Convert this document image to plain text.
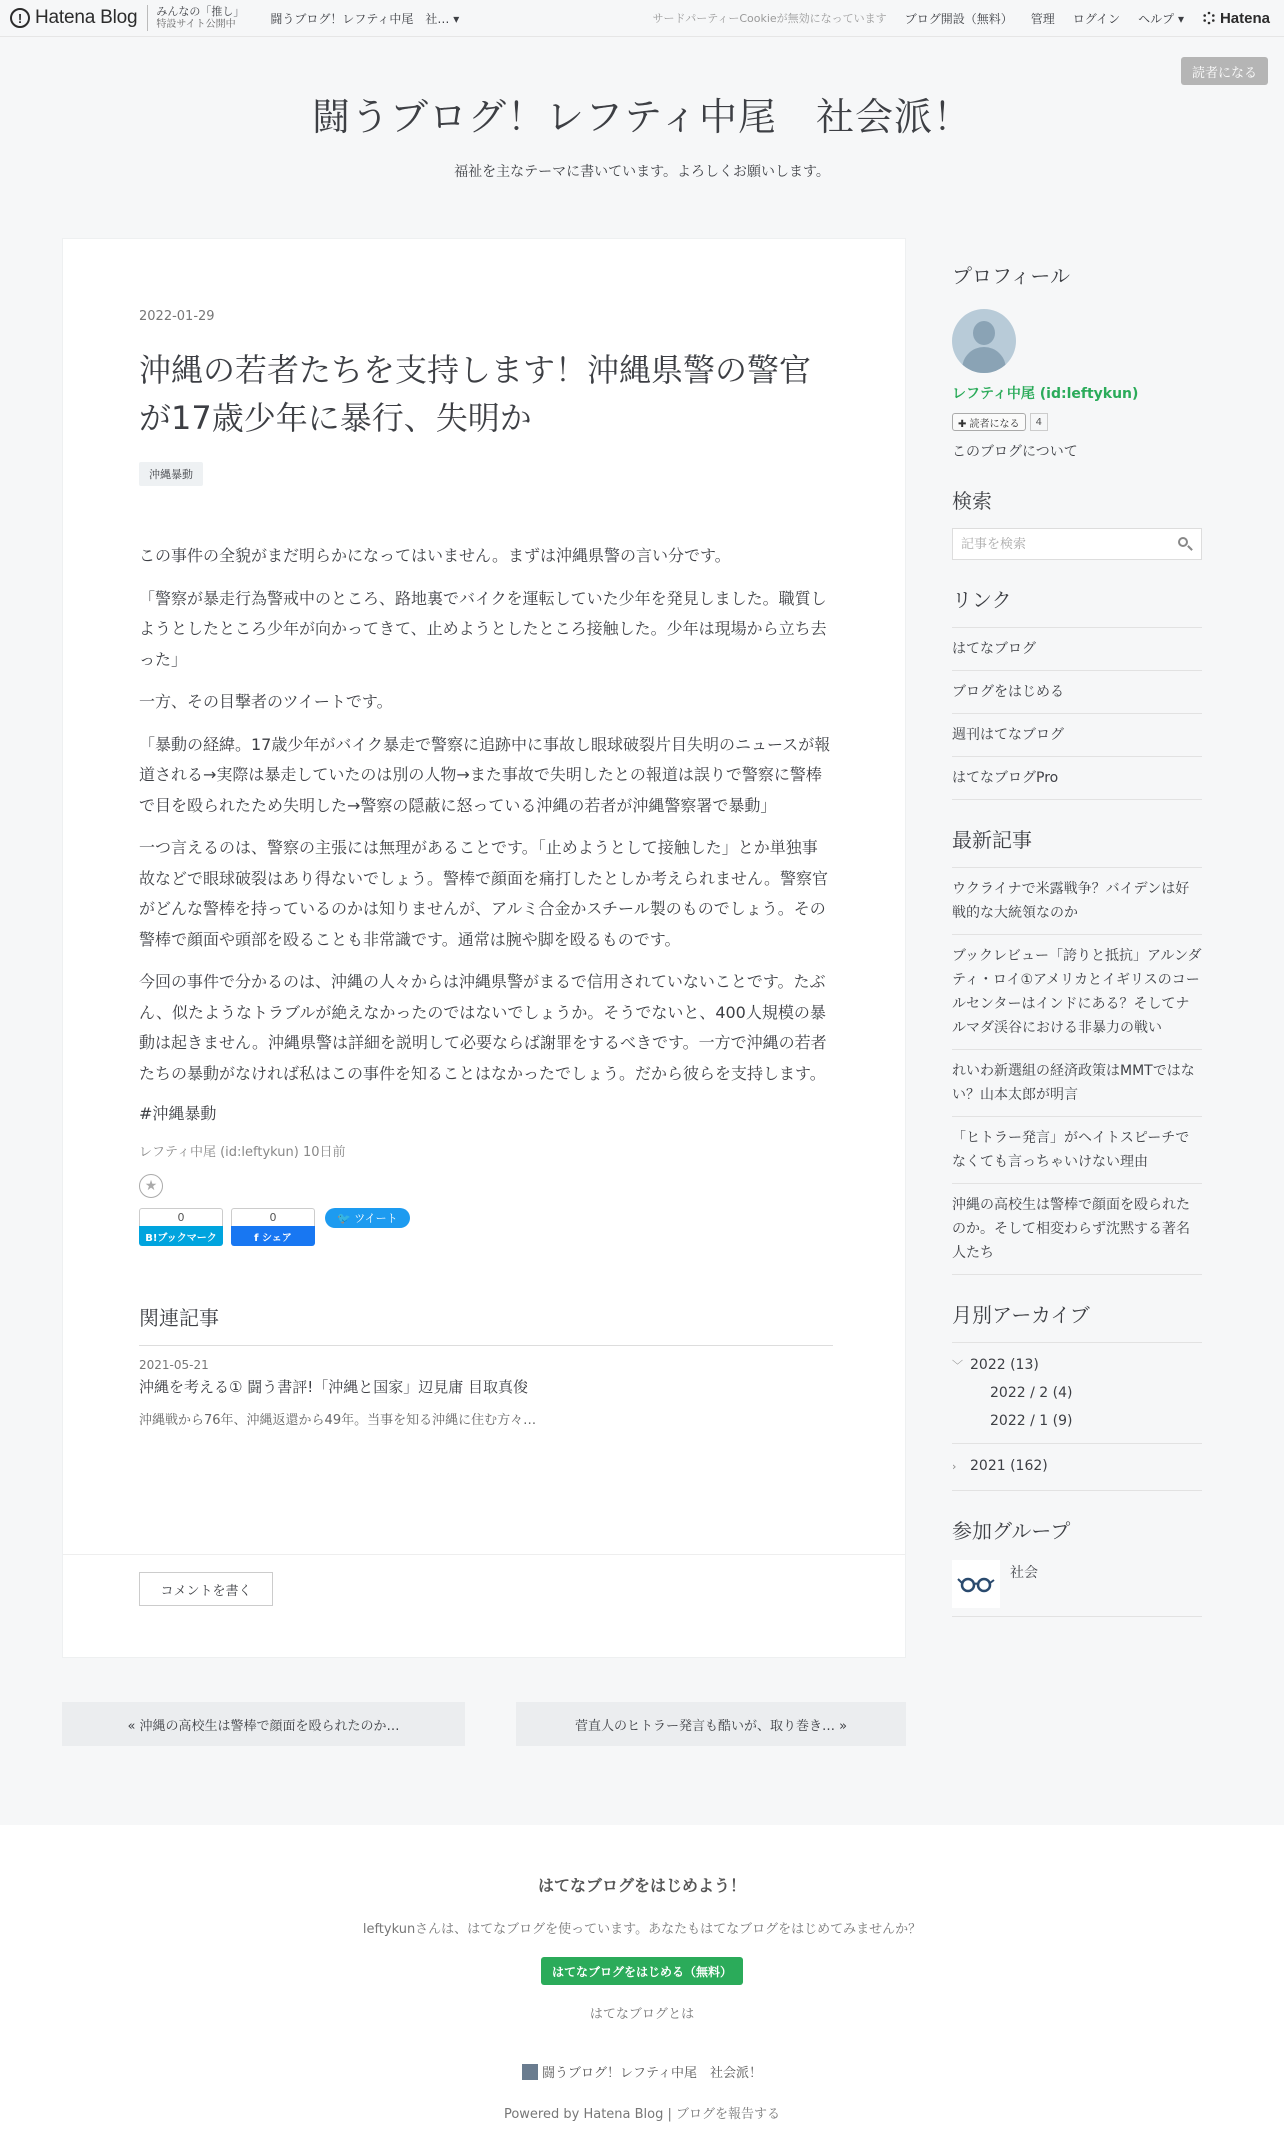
! Hatena Blog みんなの「推し」
特設サイト公開中	闘うブログ！レフティ中尾　社… ▾	サードパーティーCookieが無効になっています ブログ開設（無料） 管理 ログイン ヘルプ ▾ Hatena
読者になる
闘うブログ！レフティ中尾　社会派！
福祉を主なテーマに書いています。よろしくお願いします。
2022-01-29
沖縄の若者たちを支持します！沖縄県警の警官が17歳少年に暴行、失明か
沖縄暴動

この事件の全貌がまだ明らかになってはいません。まずは沖縄県警の言い分です。

「警察が暴走行為警戒中のところ、路地裏でバイクを運転していた少年を発見しました。職質しようとしたところ少年が向かってきて、止めようとしたところ接触した。少年は現場から立ち去った」

一方、その目撃者のツイートです。

「暴動の経緯。17歳少年がバイク暴走で警察に追跡中に事故し眼球破裂片目失明のニュースが報道される→実際は暴走していたのは別の人物→また事故で失明したとの報道は誤りで警察に警棒で目を殴られたため失明した→警察の隠蔽に怒っている沖縄の若者が沖縄警察署で暴動」

一つ言えるのは、警察の主張には無理があることです。「止めようとして接触した」とか単独事故などで眼球破裂はあり得ないでしょう。警棒で顔面を痛打したとしか考えられません。警察官がどんな警棒を持っているのかは知りませんが、アルミ合金かスチール製のものでしょう。その警棒で顔面や頭部を殴ることも非常識です。通常は腕や脚を殴るものです。

今回の事件で分かるのは、沖縄の人々からは沖縄県警がまるで信用されていないことです。たぶん、似たようなトラブルが絶えなかったのではないでしょうか。そうでないと、400人規模の暴動は起きません。沖縄県警は詳細を説明して必要ならば謝罪をするべきです。一方で沖縄の若者たちの暴動がなければ私はこの事件を知ることはなかったでしょう。だから彼らを支持します。

#沖縄暴動
レフティ中尾 (id:leftykun) 10日前
★
0
B!ブックマーク
0
f シェア
🐦 ツイート
関連記事
2021-05-21
沖縄を考える① 闘う書評!「沖縄と国家」辺見庸 目取真俊
沖縄戦から76年、沖縄返還から49年。当事を知る沖縄に住む方々…
コメントを書く
« 沖縄の高校生は警棒で顔面を殴られたのか…	菅直人のヒトラー発言も酷いが、取り巻き… »
プロフィール
レフティ中尾 (id:leftykun)
✚ 読者になる	4
このブログについて
検索
記事を検索
リンク
はてなブログ
ブログをはじめる
週刊はてなブログ
はてなブログPro
最新記事
ウクライナで米露戦争？バイデンは好戦的な大統領なのか
ブックレビュー「誇りと抵抗」アルンダティ・ロイ①アメリカとイギリスのコールセンターはインドにある？そしてナルマダ渓谷における非暴力の戦い
れいわ新選組の経済政策はMMTではない？山本太郎が明言
「ヒトラー発言」がヘイトスピーチでなくても言っちゃいけない理由
沖縄の高校生は警棒で顔面を殴られたのか。そして相変わらず沈黙する著名人たち
月別アーカイブ
﹀ 2022 (13)
2022 / 2 (4)
2022 / 1 (9)
› 2021 (162)
参加グループ
社会
はてなブログをはじめよう！
leftykunさんは、はてなブログを使っています。あなたもはてなブログをはじめてみませんか？
はてなブログをはじめる（無料）
はてなブログとは
闘うブログ！レフティ中尾　社会派！
Powered by Hatena Blog | ブログを報告する
